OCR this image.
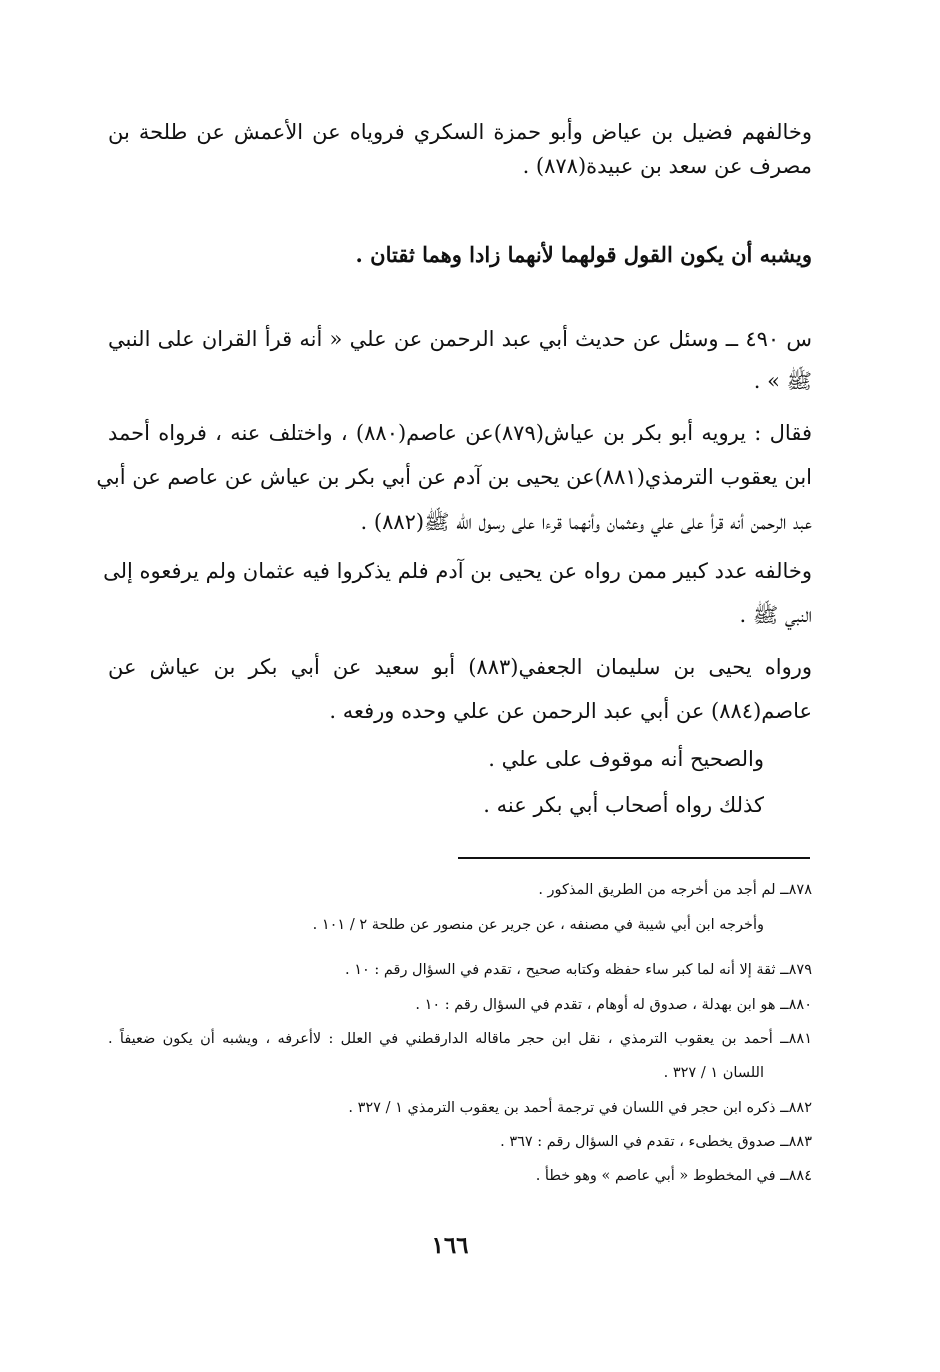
وخالفهم فضيل بن عياض وأبو حمزة السكري فروياه عن الأعمش عن طلحة بن
مصرف عن سعد بن عبيدة(٨٧٨) .
ويشبه أن يكون القول قولهما لأنهما زادا وهما ثقتان .
س ٤٩٠ ــ وسئل عن حديث أبي عبد الرحمن عن علي « أنه قرأ القران على النبي
ﷺ » .
فقال : يرويه أبو بكر بن عياش(٨٧٩)عن عاصم(٨٨٠) ، واختلف عنه ، فرواه أحمد
ابن يعقوب الترمذي(٨٨١)عن يحيى بن آدم عن أبي بكر بن عياش عن عاصم عن أبي
عبد الرحمن أنه قرأ على علي وعثمان وأنهما قرءا على رسول الله ﷺ(٨٨٢) .
وخالفه عدد كبير ممن رواه عن يحيى بن آدم فلم يذكروا فيه عثمان ولم يرفعوه إلى
النبي ﷺ .
ورواه يحيى بن سليمان الجعفي(٨٨٣) أبو سعيد عن أبي بكر بن عياش عن
عاصم(٨٨٤) عن أبي عبد الرحمن عن علي وحده ورفعه .
والصحيح أنه موقوف على علي .
كذلك رواه أصحاب أبي بكر عنه .
٨٧٨ــ لم أجد من أخرجه من الطريق المذكور .
وأخرجه ابن أبي شيبة في مصنفه ، عن جرير عن منصور عن طلحة ٢ / ١٠١ .
٨٧٩ــ ثقة إلا أنه لما كبر ساء حفظه وكتابه صحيح ، تقدم في السؤال رقم : ١٠ .
٨٨٠ــ هو ابن بهدلة ، صدوق له أوهام ، تقدم في السؤال رقم : ١٠ .
٨٨١ــ أحمد بن يعقوب الترمذي ، نقل ابن حجر ماقاله الدارقطني في العلل : لاأعرفه ، ويشبه أن يكون ضعيفاً .
اللسان ١ / ٣٢٧ .
٨٨٢ــ ذكره ابن حجر في اللسان في ترجمة أحمد بن يعقوب الترمذي ١ / ٣٢٧ .
٨٨٣ــ صدوق يخطىء ، تقدم في السؤال رقم : ٣٦٧ .
٨٨٤ــ في المخطوط « أبي عاصم » وهو خطأ .
١٦٦
